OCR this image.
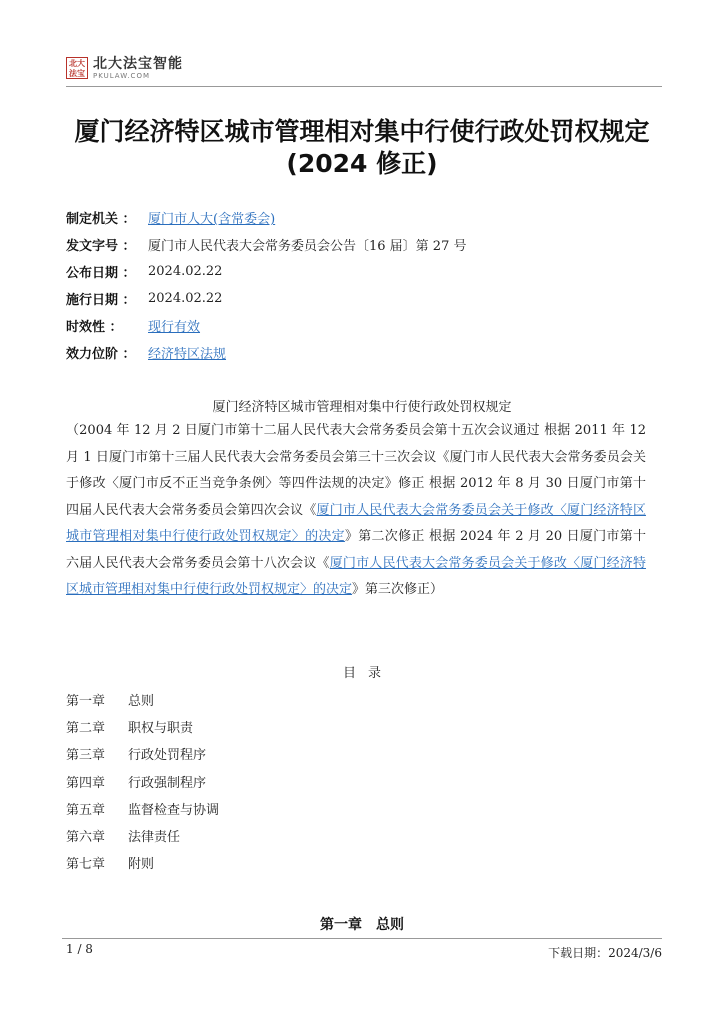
北 大
法 宝
北大法宝智能
PKULAW.COM
厦门经济特区城市管理相对集中行使行政处罚权规定(2024 修正)
制定机关 ： 厦门市人大(含常委会)
发文字号 ： 厦门市人民代表大会常务委员会公告〔16 届〕第 27 号
公布日期 ： 2024.02.22
施行日期 ： 2024.02.22
时效性 ：	现行有效
效力位阶 ： 经济特区法规
厦门经济特区城市管理相对集中行使行政处罚权规定
（2004 年 12 月 2 日厦门市第十二届人民代表大会常务委员会第十五次会议通过 根据 2011 年 12 月 1 日厦门市第十三届人民代表大会常务委员会第三十三次会议《厦门市人民代表大会常务委员会关于修改〈厦门市反不正当竞争条例〉等四件法规的决定》修正 根据 2012 年 8 月 30 日厦门市第十四届人民代表大会常务委员会第四次会议《厦门市人民代表大会常务委员会关于修改〈厦门经济特区城市管理相对集中行使行政处罚权规定〉的决定》第二次修正 根据 2024 年 2 月 20 日厦门市第十六届人民代表大会常务委员会第十八次会议《厦门市人民代表大会常务委员会关于修改〈厦门经济特区城市管理相对集中行使行政处罚权规定〉的决定》第三次修正）
目录
第一章	总则
第二章	职权与职责
第三章	行政处罚程序
第四章	行政强制程序
第五章	监督检查与协调
第六章	法律责任
第七章	附则
第一章　总则
1 / 8	下载日期：2024/3/6
